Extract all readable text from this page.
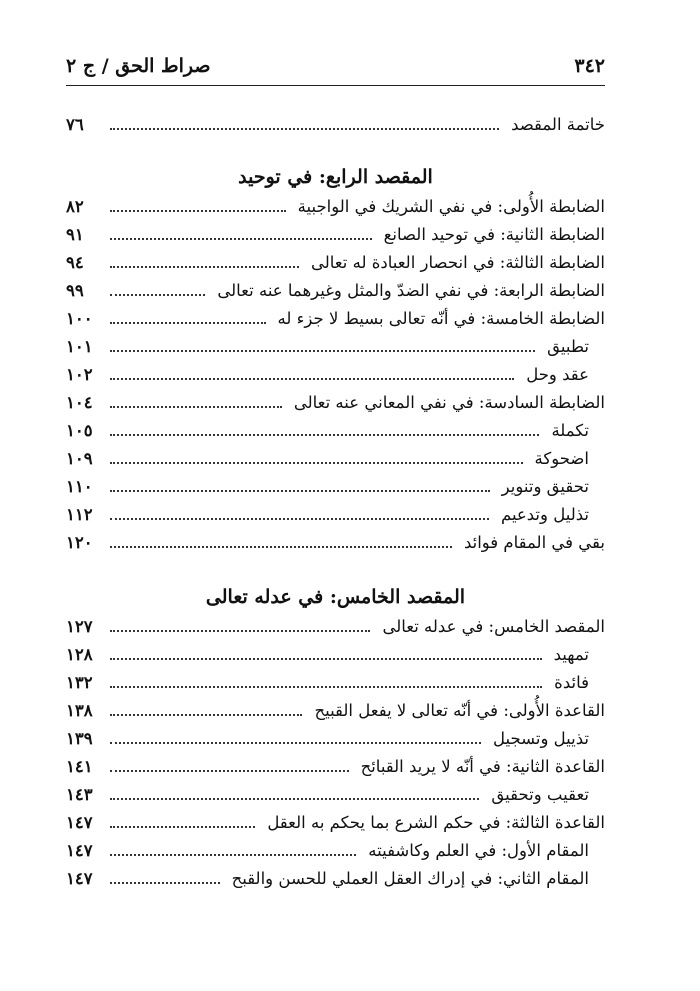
٣٤٢
صراط الحق / ج ٢
خاتمة المقصد
٧٦
المقصد الرابع: في توحيد
الضابطة الأُولى: في نفي الشريك في الواجبية
٨٢
الضابطة الثانية: في توحيد الصانع
٩١
الضابطة الثالثة: في انحصار العبادة له تعالى
٩٤
الضابطة الرابعة: في نفي الضدّ والمثل وغيرهما عنه تعالى
٩٩
الضابطة الخامسة: في أنّه تعالى بسيط لا جزء له
١٠٠
تطبيق
١٠١
عقد وحل
١٠٢
الضابطة السادسة: في نفي المعاني عنه تعالى
١٠٤
تكملة
١٠٥
اضحوكة
١٠٩
تحقيق وتنوير
١١٠
تذليل وتدعيم
١١٢
بقي في المقام فوائد
١٢٠
المقصد الخامس: في عدله تعالى
المقصد الخامس: في عدله تعالى
١٢٧
تمهيد
١٢٨
فائدة
١٣٢
القاعدة الأُولى: في أنّه تعالى لا يفعل القبيح
١٣٨
تذييل وتسجيل
١٣٩
القاعدة الثانية: في أنّه لا يريد القبائح
١٤١
تعقيب وتحقيق
١٤٣
القاعدة الثالثة: في حكم الشرع بما يحكم به العقل
١٤٧
المقام الأول: في العلم وكاشفيته
١٤٧
المقام الثاني: في إدراك العقل العملي للحسن والقبح
١٤٧
